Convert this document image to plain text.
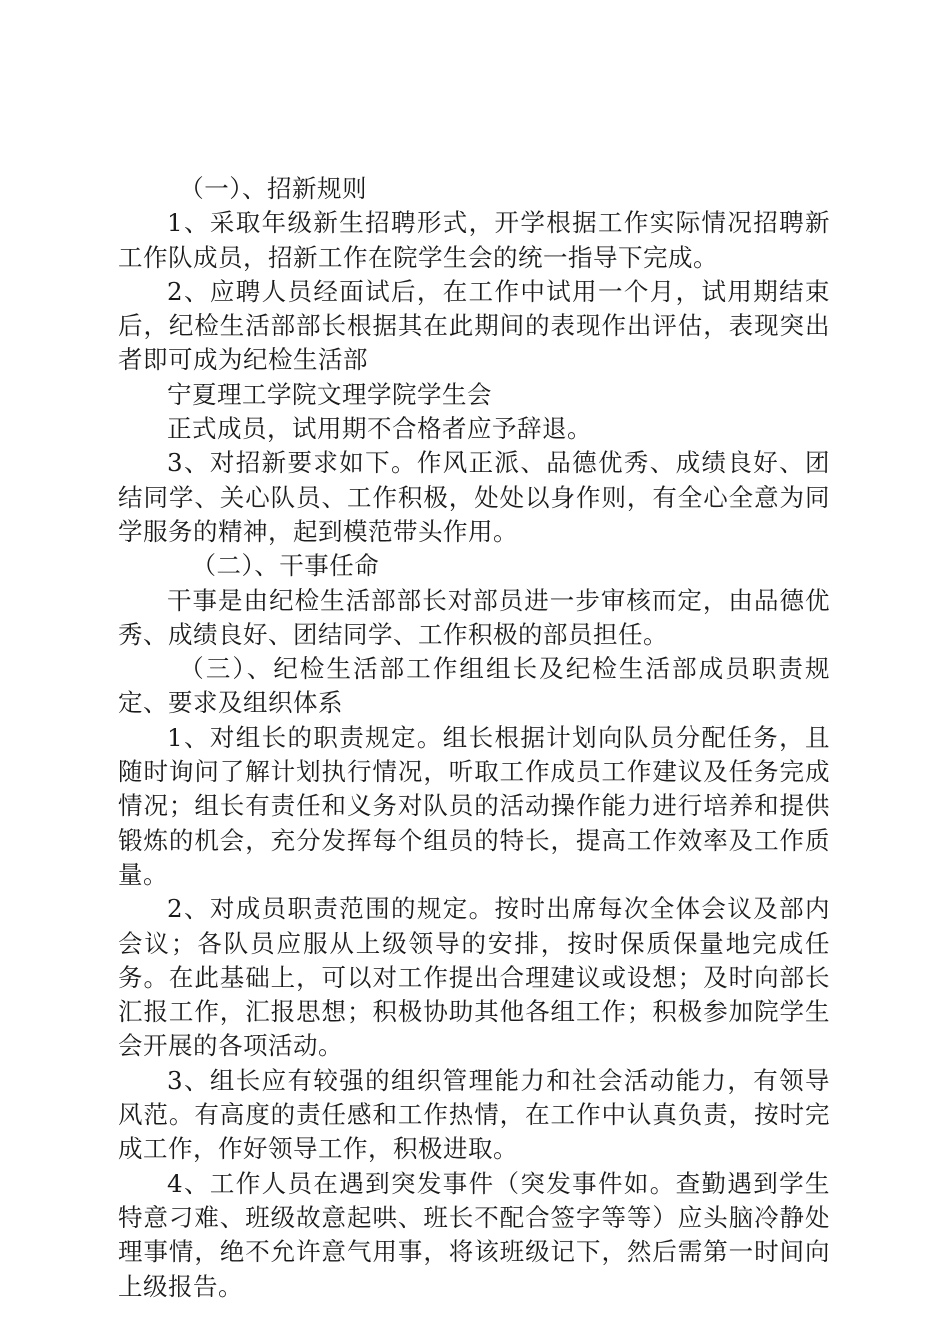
（一）、招新规则

1、采取年级新生招聘形式，开学根据工作实际情况招聘新工作队成员，招新工作在院学生会的统一指导下完成。

2、应聘人员经面试后，在工作中试用一个月，试用期结束后，纪检生活部部长根据其在此期间的表现作出评估，表现突出者即可成为纪检生活部

宁夏理工学院文理学院学生会

正式成员，试用期不合格者应予辞退。

3、对招新要求如下。作风正派、品德优秀、成绩良好、团结同学、关心队员、工作积极，处处以身作则，有全心全意为同学服务的精神，起到模范带头作用。

（二）、干事任命

干事是由纪检生活部部长对部员进一步审核而定，由品德优秀、成绩良好、团结同学、工作积极的部员担任。

（三）、纪检生活部工作组组长及纪检生活部成员职责规定、要求及组织体系

1、对组长的职责规定。组长根据计划向队员分配任务，且随时询问了解计划执行情况，听取工作成员工作建议及任务完成情况；组长有责任和义务对队员的活动操作能力进行培养和提供锻炼的机会，充分发挥每个组员的特长，提高工作效率及工作质量。

2、对成员职责范围的规定。按时出席每次全体会议及部内会议；各队员应服从上级领导的安排，按时保质保量地完成任务。在此基础上，可以对工作提出合理建议或设想；及时向部长汇报工作，汇报思想；积极协助其他各组工作；积极参加院学生会开展的各项活动。

3、组长应有较强的组织管理能力和社会活动能力，有领导风范。有高度的责任感和工作热情，在工作中认真负责，按时完成工作，作好领导工作，积极进取。

4、工作人员在遇到突发事件（突发事件如。查勤遇到学生特意刁难、班级故意起哄、班长不配合签字等等）应头脑冷静处理事情，绝不允许意气用事，将该班级记下，然后需第一时间向上级报告。
